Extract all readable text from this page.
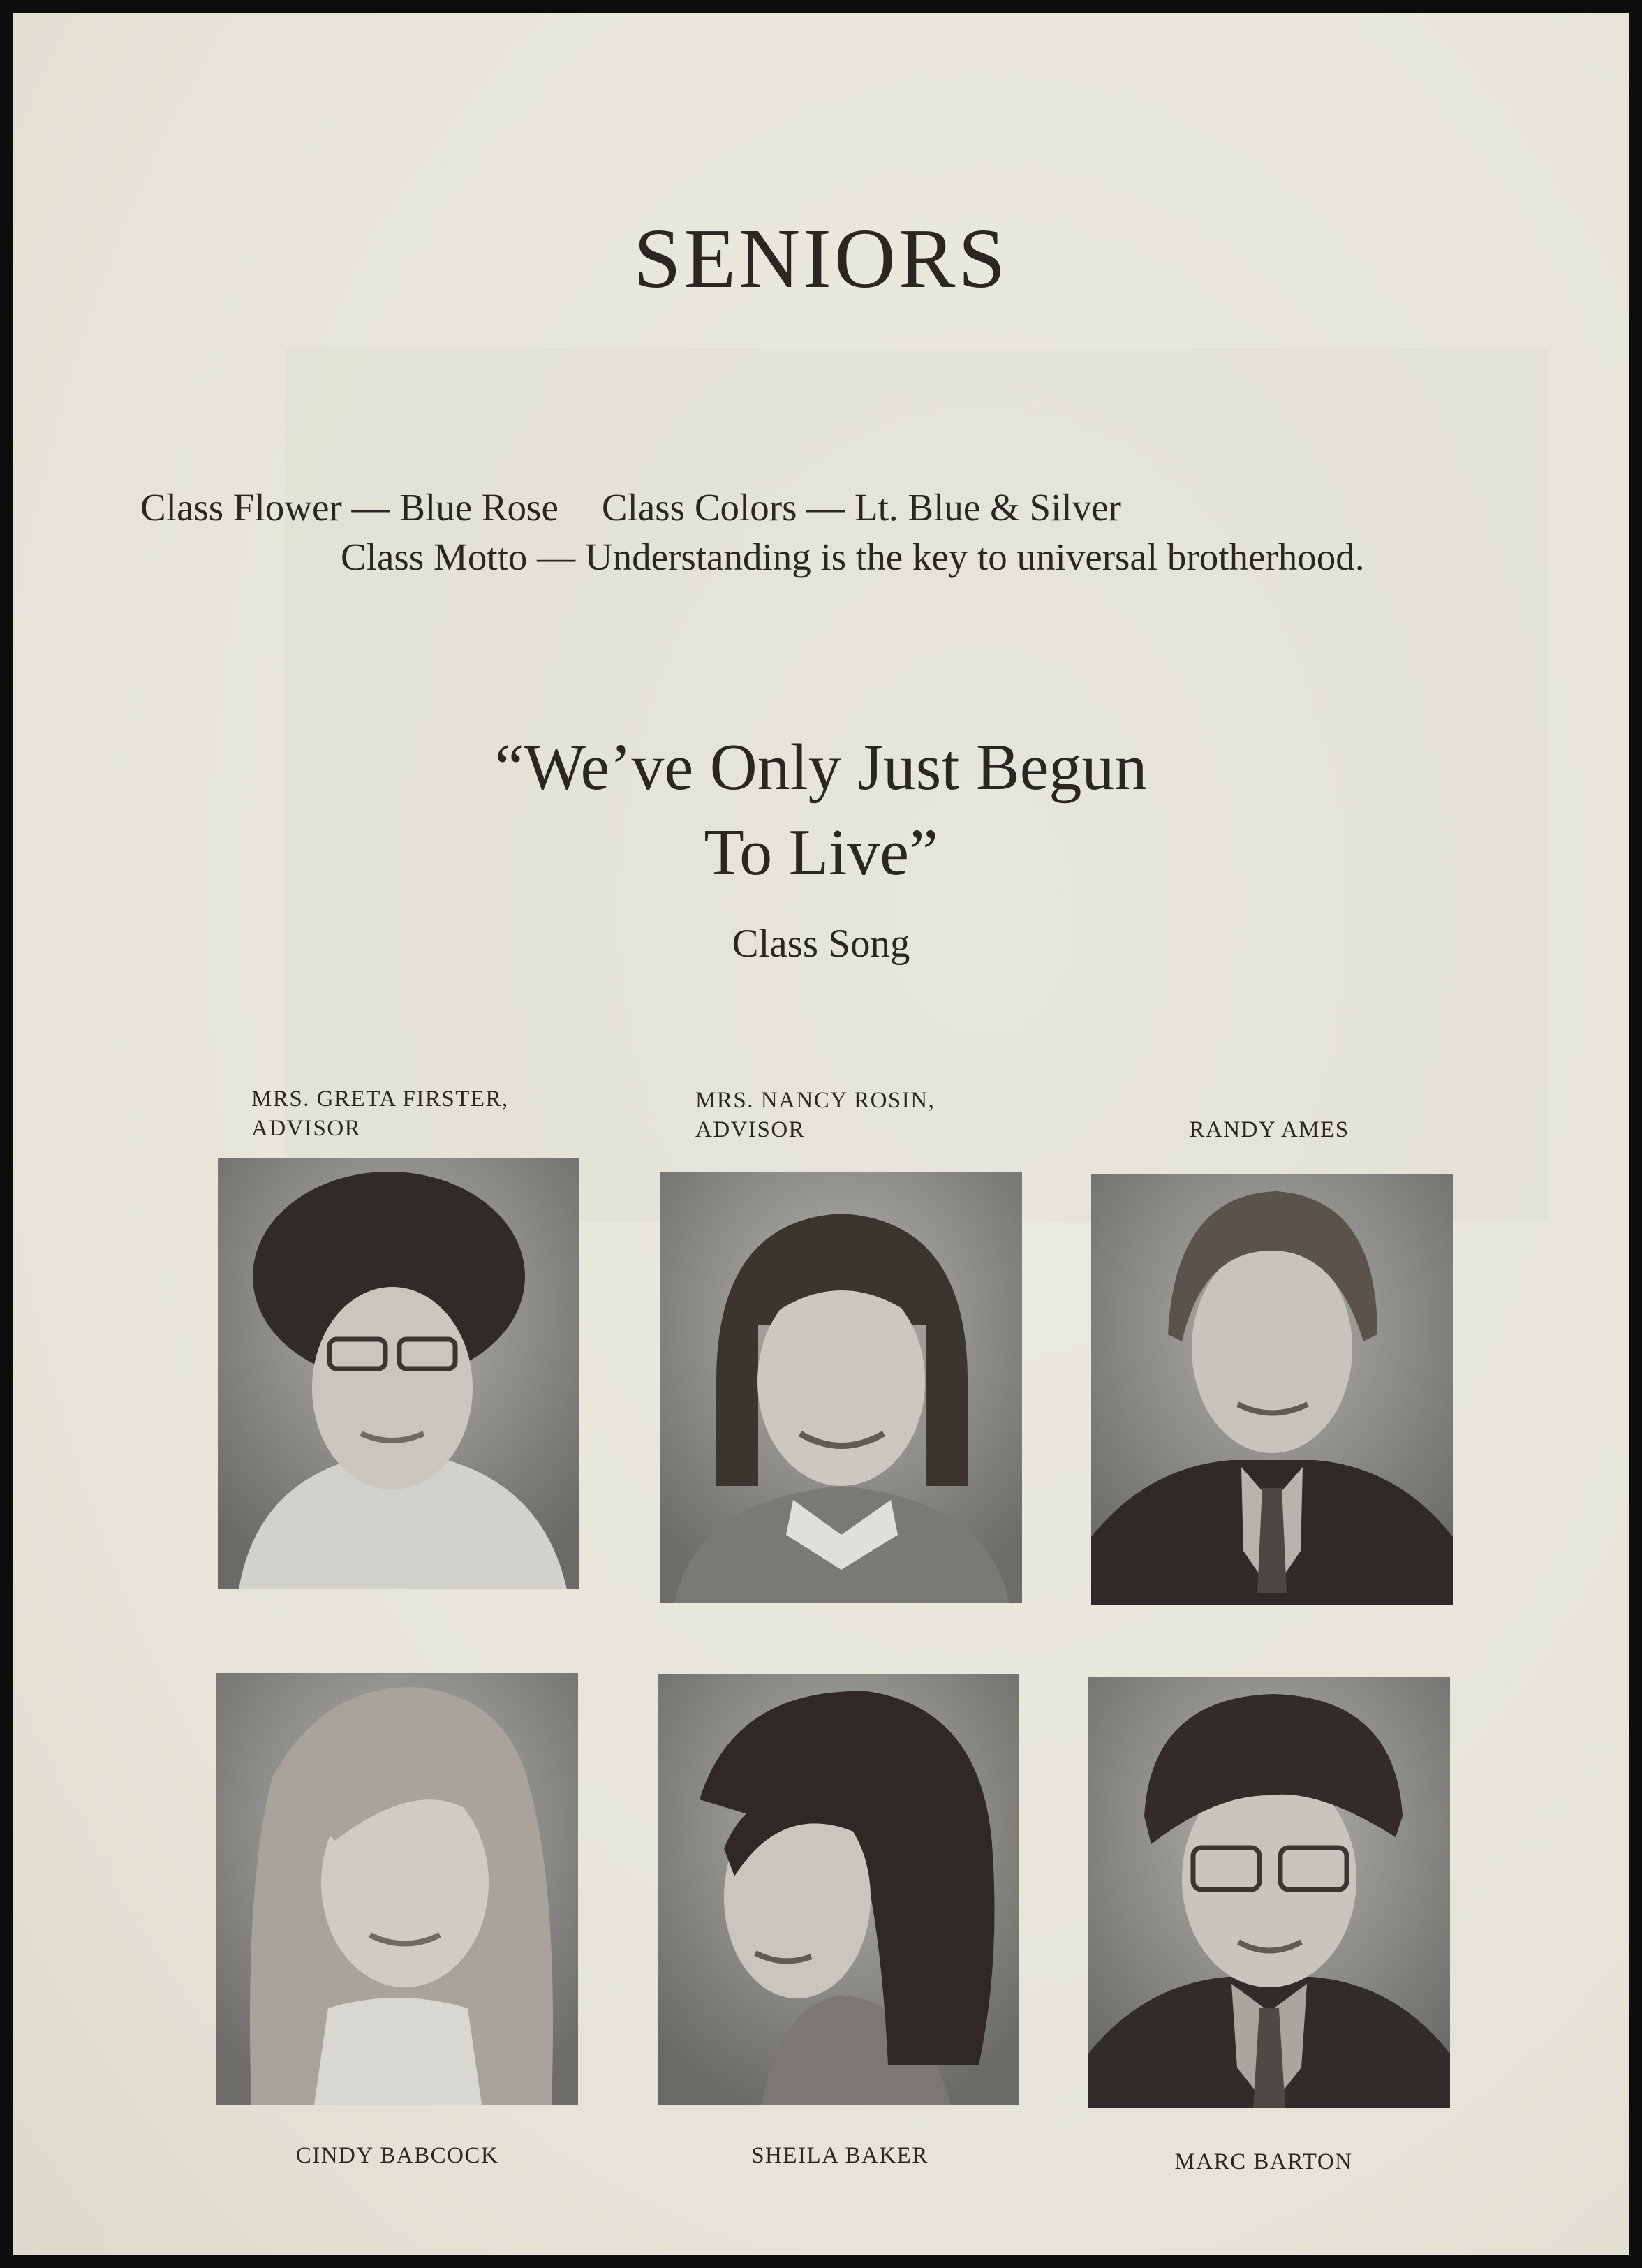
SENIORS
Class Flower — Blue Rose Class Colors — Lt. Blue & Silver
Class Motto — Understanding is the key to universal brotherhood.
“We’ve Only Just Begun
To Live”
Class Song
MRS. GRETA FIRSTER,
ADVISOR
MRS. NANCY ROSIN,
ADVISOR	RANDY AMES
CINDY BABCOCK	SHEILA BAKER	MARC BARTON
